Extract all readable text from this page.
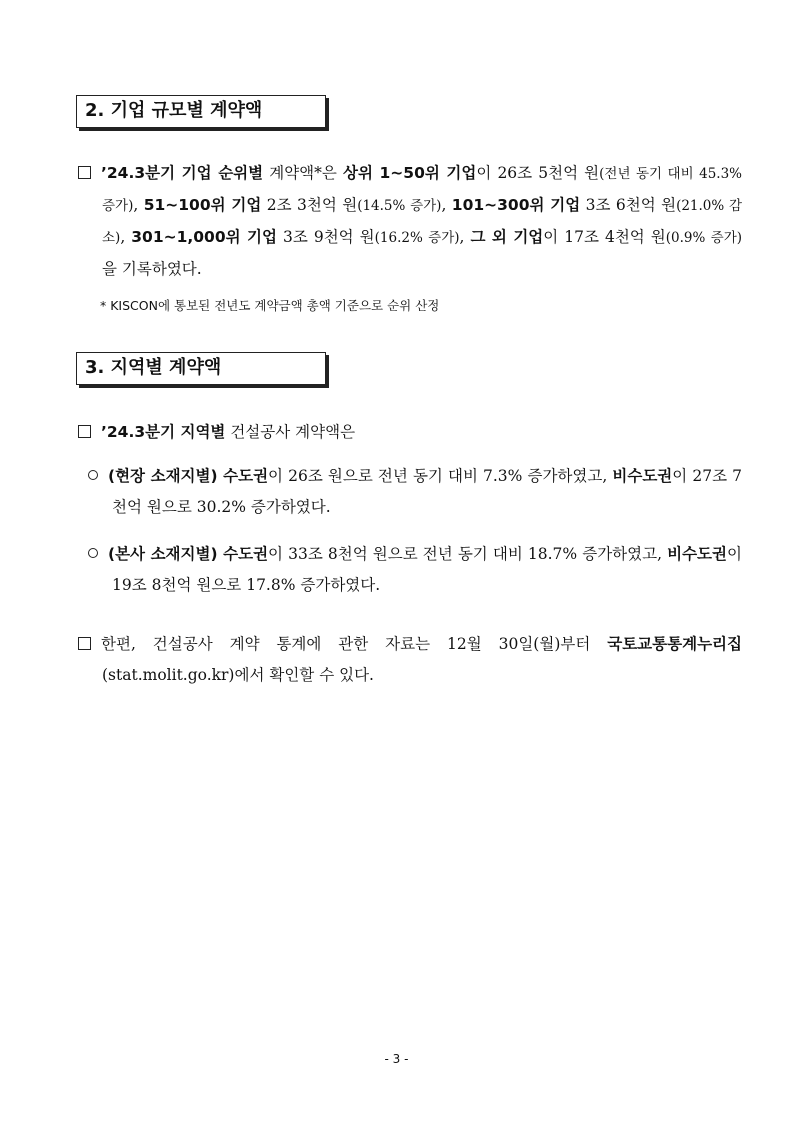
2. 기업 규모별 계약액
’24.3분기 기업 순위별 계약액*은 상위 1~50위 기업이 26조 5천억 원(전년 동기 대비 45.3% 증가), 51~100위 기업 2조 3천억 원(14.5% 증가), 101~300위 기업 3조 6천억 원(21.0% 감소), 301~1,000위 기업 3조 9천억 원(16.2% 증가), 그 외 기업이 17조 4천억 원(0.9% 증가)을 기록하였다.
* KISCON에 통보된 전년도 계약금액 총액 기준으로 순위 산정
3. 지역별 계약액
’24.3분기 지역별 건설공사 계약액은
(현장 소재지별) 수도권이 26조 원으로 전년 동기 대비 7.3% 증가하였고, 비수도권이 27조 7천억 원으로 30.2% 증가하였다.
(본사 소재지별) 수도권이 33조 8천억 원으로 전년 동기 대비 18.7% 증가하였고, 비수도권이 19조 8천억 원으로 17.8% 증가하였다.
한편, 건설공사 계약 통계에 관한 자료는 12월 30일(월)부터 국토교통통계누리집(stat.molit.go.kr)에서 확인할 수 있다.
- 3 -
